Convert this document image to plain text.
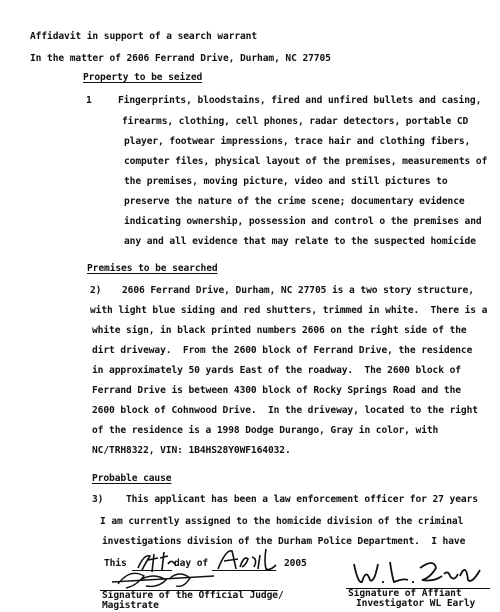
Affidavit in support of a search warrant
In the matter of 2606 Ferrand Drive, Durham, NC 27705
Property to be seized
1	Fingerprints, bloodstains, fired and unfired bullets and casing,
firearms, clothing, cell phones, radar detectors, portable CD
player, footwear impressions, trace hair and clothing fibers,
computer files, physical layout of the premises, measurements of
the premises, moving picture, video and still pictures to
preserve the nature of the crime scene; documentary evidence
indicating ownership, possession and control o the premises and
any and all evidence that may relate to the suspected homicide
Premises to be searched
2) 2606 Ferrand Drive, Durham, NC 27705 is a two story structure,
with light blue siding and red shutters, trimmed in white.  There is a
white sign, in black printed numbers 2606 on the right side of the
dirt driveway.  From the 2600 block of Ferrand Drive, the residence
in approximately 50 yards East of the roadway.  The 2600 block of
Ferrand Drive is between 4300 block of Rocky Springs Road and the
2600 block of Cohnwood Drive.  In the driveway, located to the right
of the residence is a 1998 Dodge Durango, Gray in color, with
NC/TRH8322, VIN: 1B4HS28Y0WF164032.
Probable cause
3) This applicant has been a law enforcement officer for 27 years
I am currently assigned to the homicide division of the criminal
investigations division of the Durham Police Department.  I have
This	day of	2005
Signature of the Official Judge/
Magistrate
Signature of Affiant
Investigator WL Early
